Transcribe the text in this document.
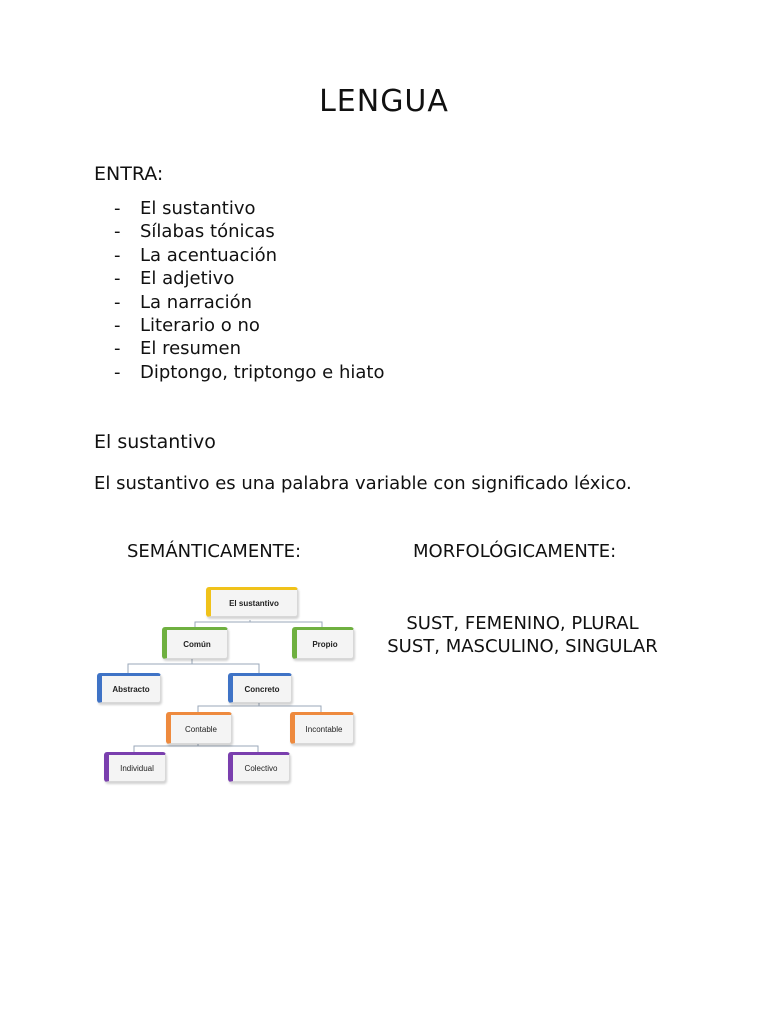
LENGUA
ENTRA:
-	El sustantivo
-	Sílabas tónicas
-	La acentuación
-	El adjetivo
-	La narración
-	Literario o no
-	El resumen
-	Diptongo, triptongo e hiato
El sustantivo

El sustantivo es una palabra variable con significado léxico.

SEMÁNTICAMENTE:	MORFOLÓGICAMENTE:
SUST, FEMENINO, PLURAL
SUST, MASCULINO, SINGULAR
El sustantivo
Común	Propio
Abstracto	Concreto
Contable	Incontable
Individual	Colectivo
